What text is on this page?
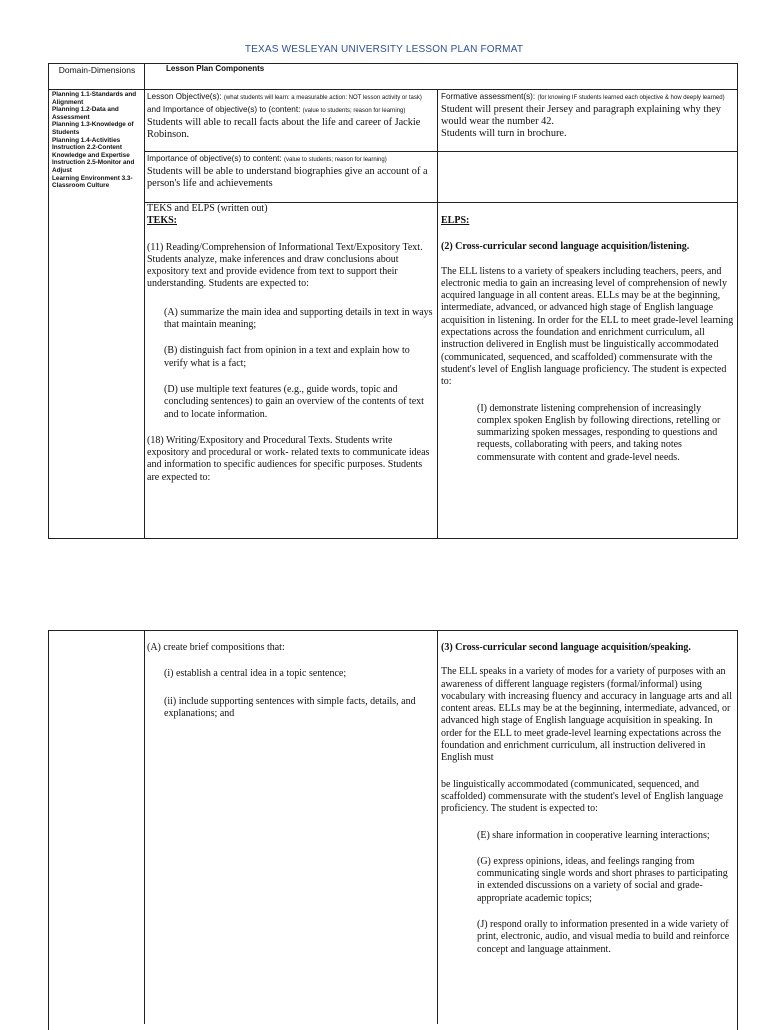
TEXAS WESLEYAN UNIVERSITY LESSON PLAN FORMAT
Domain-Dimensions	Lesson Plan Components
Planning 1.1-Standards and Alignment
Planning 1.2-Data and Assessment
Planning 1.3-Knowledge of Students
Planning 1.4-Activities
Instruction 2.2-Content Knowledge and Expertise
Instruction 2.5-Monitor and Adjust
Learning Environment 3.3- Classroom Culture
Lesson Objective(s): (what students will learn: a measurable action: NOT lesson activity or task) and Importance of objective(s) to (content: (value to students; reason for learning)
Students will able to recall facts about the life and career of Jackie Robinson.
Formative assessment(s): (for knowing IF students learned each objective & how deeply learned)
Student will present their Jersey and paragraph explaining why they would wear the number 42.
Students will turn in brochure.
Importance of objective(s) to content: (value to students; reason for learning)
Students will be able to understand biographies give an account of a person's life and achievements
TEKS and ELPS (written out)
TEKS:
(11) Reading/Comprehension of Informational Text/Expository Text. Students analyze, make inferences and draw conclusions about expository text and provide evidence from text to support their understanding. Students are expected to:
(A) summarize the main idea and supporting details in text in ways that maintain meaning;
(B) distinguish fact from opinion in a text and explain how to verify what is a fact;
(D) use multiple text features (e.g., guide words, topic and concluding sentences) to gain an overview of the contents of text and to locate information.
(18) Writing/Expository and Procedural Texts. Students write expository and procedural or work- related texts to communicate ideas and information to specific audiences for specific purposes. Students are expected to:
ELPS:
(2) Cross-curricular second language acquisition/listening.
The ELL listens to a variety of speakers including teachers, peers, and electronic media to gain an increasing level of comprehension of newly acquired language in all content areas. ELLs may be at the beginning, intermediate, advanced, or advanced high stage of English language acquisition in listening. In order for the ELL to meet grade-level learning expectations across the foundation and enrichment curriculum, all instruction delivered in English must be linguistically accommodated (communicated, sequenced, and scaffolded) commensurate with the student's level of English language proficiency. The student is expected to:
(I) demonstrate listening comprehension of increasingly complex spoken English by following directions, retelling or summarizing spoken messages, responding to questions and requests, collaborating with peers, and taking notes commensurate with content and grade-level needs.
(A) create brief compositions that:
(i) establish a central idea in a topic sentence;
(ii) include supporting sentences with simple facts, details, and explanations; and
(3) Cross-curricular second language acquisition/speaking.
The ELL speaks in a variety of modes for a variety of purposes with an awareness of different language registers (formal/informal) using vocabulary with increasing fluency and accuracy in language arts and all content areas. ELLs may be at the beginning, intermediate, advanced, or advanced high stage of English language acquisition in speaking. In order for the ELL to meet grade-level learning expectations across the foundation and enrichment curriculum, all instruction delivered in English must
be linguistically accommodated (communicated, sequenced, and scaffolded) commensurate with the student's level of English language proficiency. The student is expected to:
(E) share information in cooperative learning interactions;
(G) express opinions, ideas, and feelings ranging from communicating single words and short phrases to participating in extended discussions on a variety of social and grade-appropriate academic topics;
(J) respond orally to information presented in a wide variety of print, electronic, audio, and visual media to build and reinforce concept and language attainment.
